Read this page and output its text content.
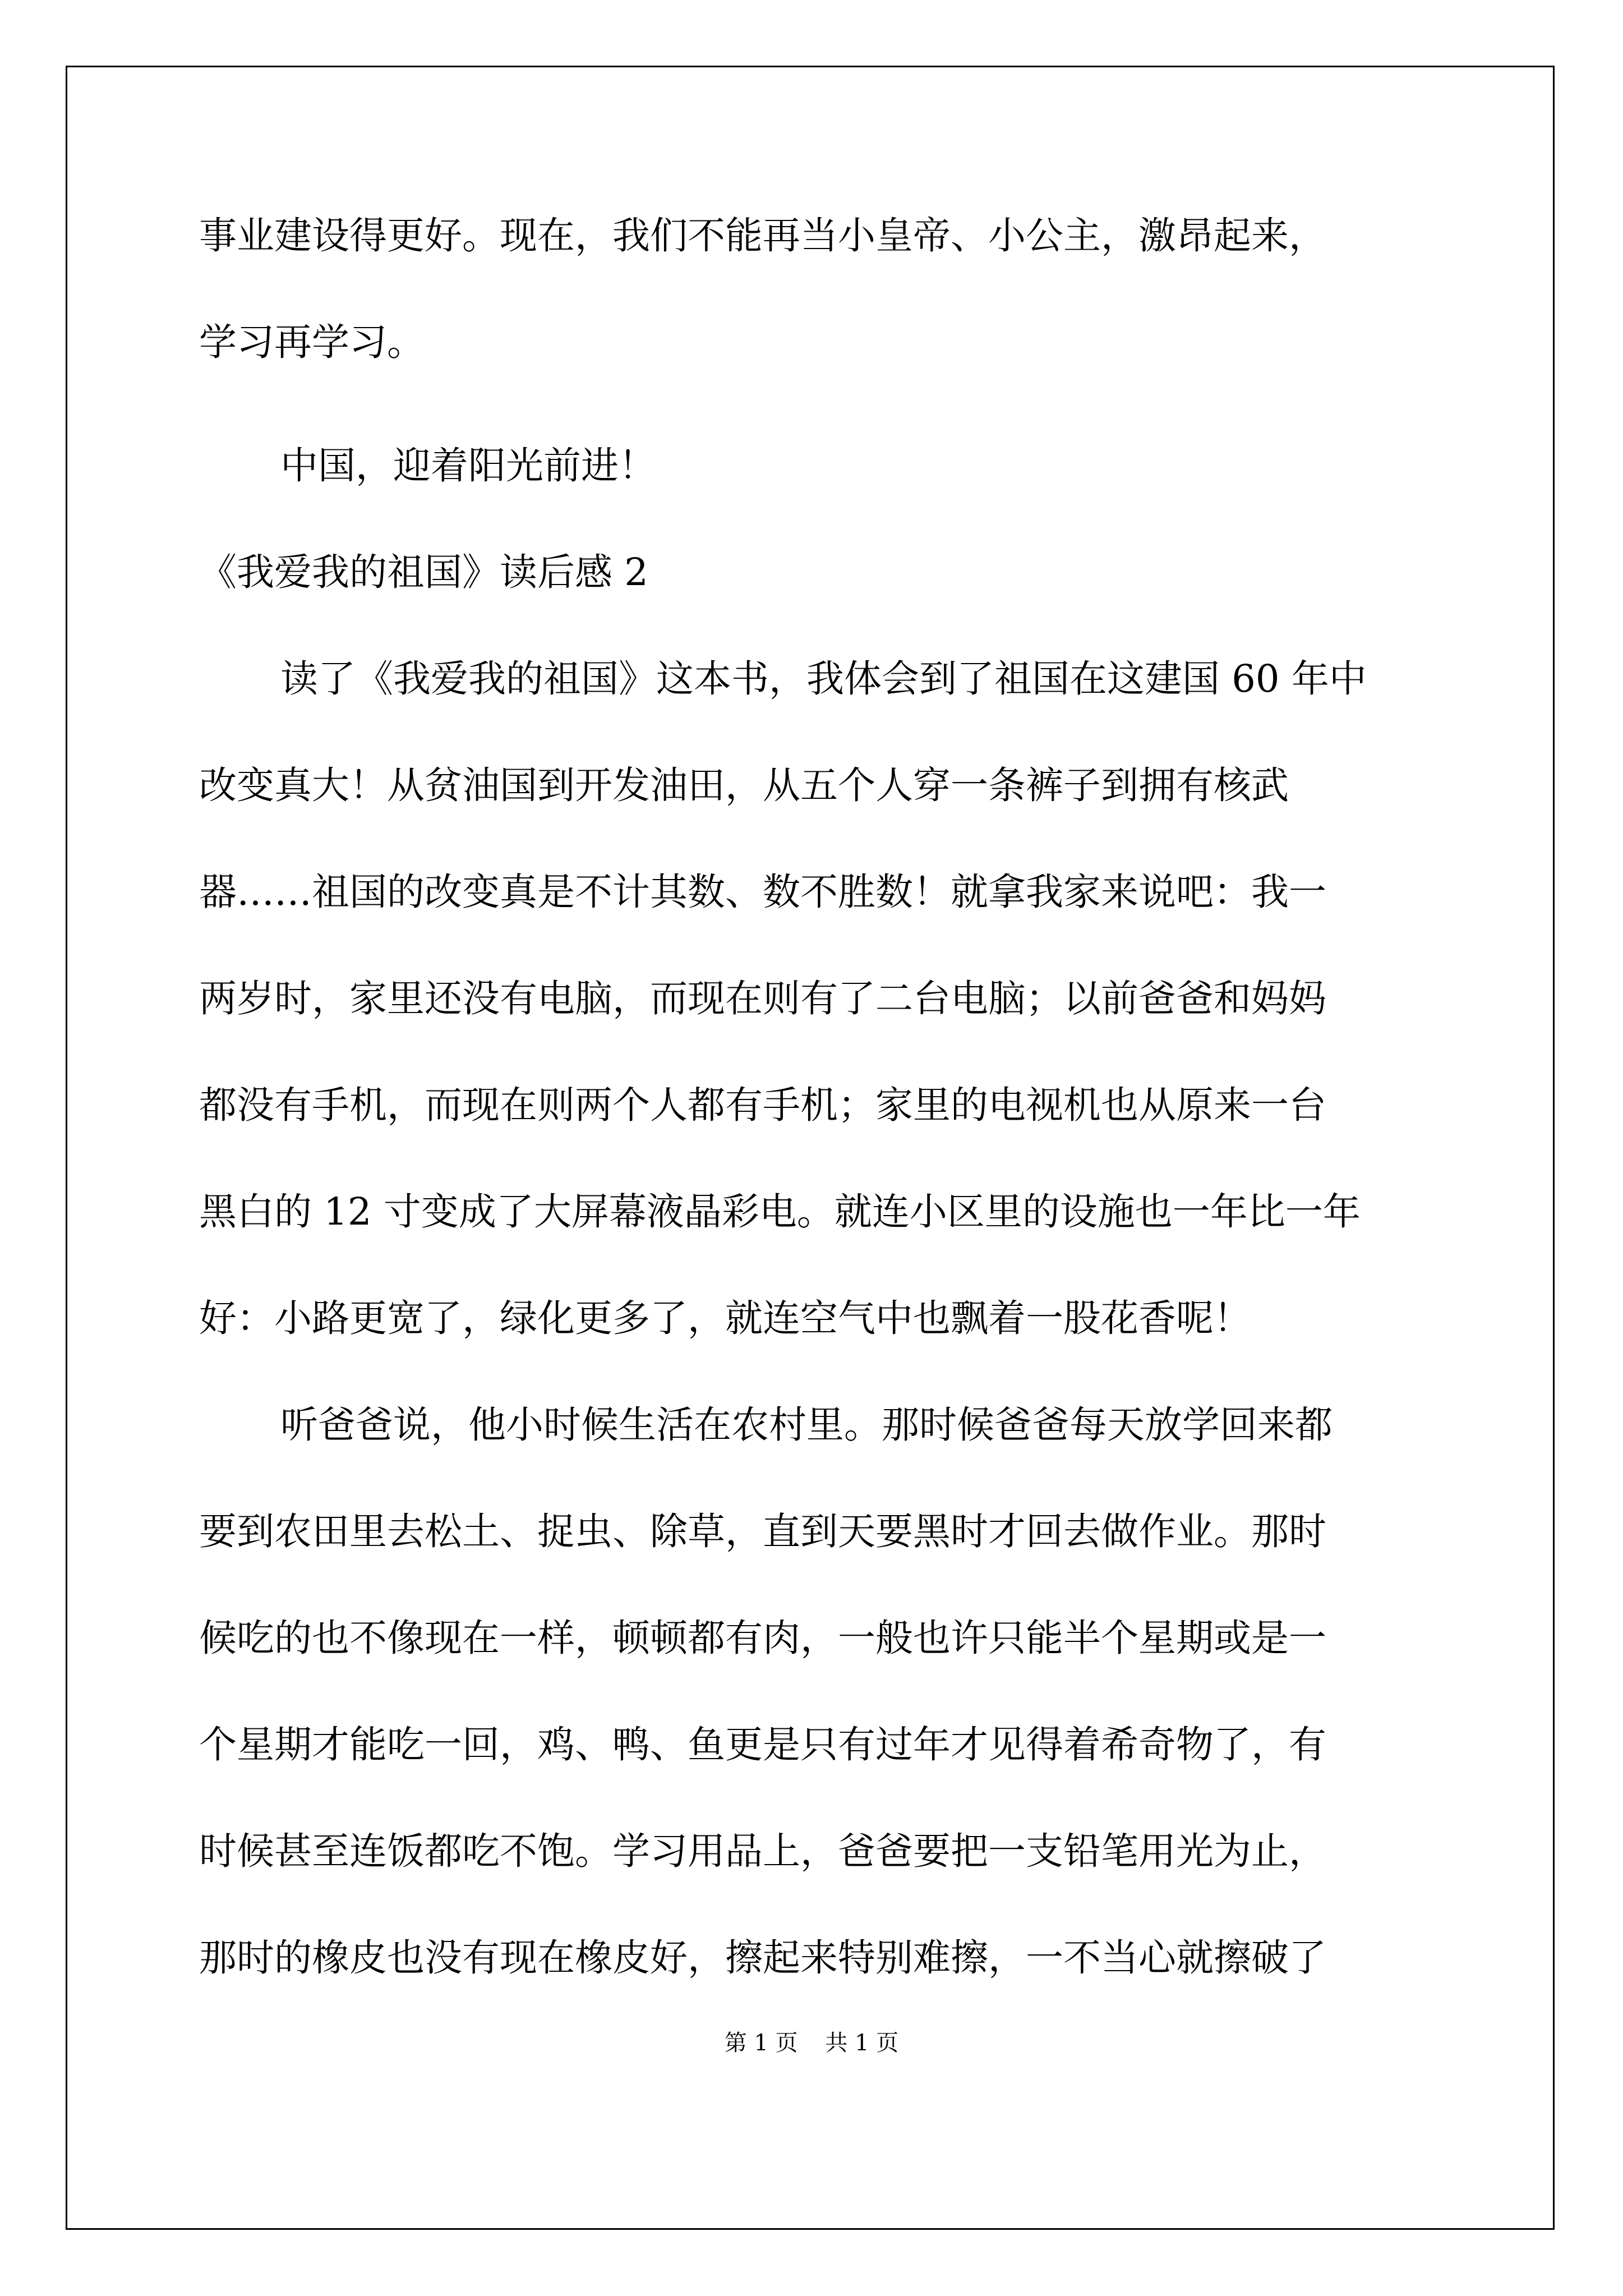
事业建设得更好。现在，我们不能再当小皇帝、小公主，激昂起来，
学习再学习。
中国，迎着阳光前进！
《我爱我的祖国》读后感 2
读了《我爱我的祖国》这本书，我体会到了祖国在这建国 60 年中
改变真大！从贫油国到开发油田，从五个人穿一条裤子到拥有核武
器……祖国的改变真是不计其数、数不胜数！就拿我家来说吧：我一
两岁时，家里还没有电脑，而现在则有了二台电脑；以前爸爸和妈妈
都没有手机，而现在则两个人都有手机；家里的电视机也从原来一台
黑白的 12 寸变成了大屏幕液晶彩电。就连小区里的设施也一年比一年
好：小路更宽了，绿化更多了，就连空气中也飘着一股花香呢！
听爸爸说，他小时候生活在农村里。那时候爸爸每天放学回来都
要到农田里去松土、捉虫、除草，直到天要黑时才回去做作业。那时
候吃的也不像现在一样，顿顿都有肉，一般也许只能半个星期或是一
个星期才能吃一回，鸡、鸭、鱼更是只有过年才见得着希奇物了，有
时候甚至连饭都吃不饱。学习用品上，爸爸要把一支铅笔用光为止，
那时的橡皮也没有现在橡皮好，擦起来特别难擦，一不当心就擦破了
第 1 页 共 1 页
